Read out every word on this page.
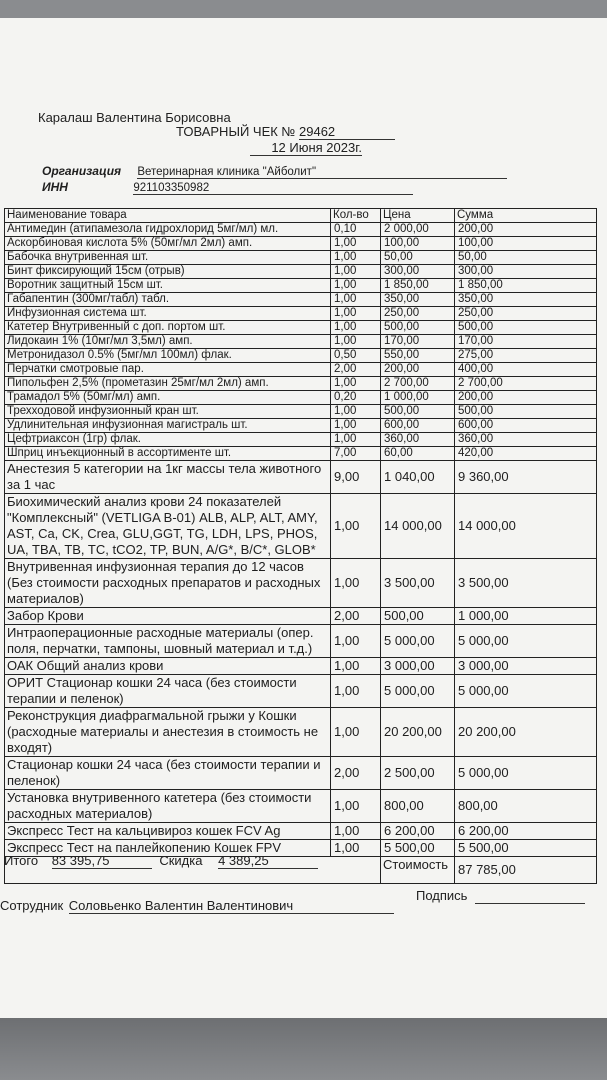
Каралаш Валентина Борисовна
ТОВАРНЫЙ ЧЕК № 29462
12 Июня 2023г.
Организация Ветеринарная клиника "Айболит"
ИНН	921103350982
Наименование товара	Кол-во	Цена	Сумма
Антимедин (атипамезола гидрохлорид 5мг/мл) мл.	0,10	2 000,00	200,00
Аскорбиновая кислота 5% (50мг/мл 2мл) амп.	1,00	100,00	100,00
Бабочка внутривенная шт.	1,00	50,00	50,00
Бинт фиксирующий 15см (отрыв)	1,00	300,00	300,00
Воротник защитный 15см шт.	1,00	1 850,00	1 850,00
Габапентин (300мг/табл) табл.	1,00	350,00	350,00
Инфузионная система шт.	1,00	250,00	250,00
Катетер Внутривенный с доп. портом шт.	1,00	500,00	500,00
Лидокаин 1% (10мг/мл 3,5мл) амп.	1,00	170,00	170,00
Метронидазол 0.5% (5мг/мл 100мл) флак.	0,50	550,00	275,00
Перчатки смотровые пар.	2,00	200,00	400,00
Пипольфен 2,5% (прометазин 25мг/мл 2мл) амп.	1,00	2 700,00	2 700,00
Трамадол 5% (50мг/мл) амп.	0,20	1 000,00	200,00
Трехходовой инфузионный кран шт.	1,00	500,00	500,00
Удлинительная инфузионная магистраль шт.	1,00	600,00	600,00
Цефтриаксон (1гр) флак.	1,00	360,00	360,00
Шприц инъекционный в ассортименте шт.	7,00	60,00	420,00
Анестезия 5 категории на 1кг массы тела животного за 1 час	9,00	1 040,00	9 360,00
Биохимический анализ крови 24 показателей "Комплексный" (VETLIGA B-01) ALB, ALP, ALT, AMY, AST, Ca, CK, Crea, GLU,GGT, TG, LDH, LPS, PHOS, UA, TBA, TB, TC, tCO2, TP, BUN, A/G*, B/C*, GLOB*	1,00	14 000,00	14 000,00
Внутривенная инфузионная терапия до 12 часов (Без стоимости расходных препаратов и расходных материалов)	1,00	3 500,00	3 500,00
Забор Крови	2,00	500,00	1 000,00
Интраоперационные расходные материалы (опер. поля, перчатки, тампоны, шовный материал и т.д.)	1,00	5 000,00	5 000,00
ОАК Общий анализ крови	1,00	3 000,00	3 000,00
ОРИТ Стационар кошки 24 часа (без стоимости терапии и пеленок)	1,00	5 000,00	5 000,00
Реконструкция диафрагмальной грыжи у Кошки (расходные материалы и анестезия в стоимость не входят)	1,00	20 200,00	20 200,00
Стационар кошки 24 часа (без стоимости терапии и пеленок)	2,00	2 500,00	5 000,00
Установка внутривенного катетера (без стоимости расходных материалов)	1,00	800,00	800,00
Экспресс Тест на кальцивироз кошек FCV Ag	1,00	6 200,00	6 200,00
Экспресс Тест на панлейкопению Кошек FPV	1,00	5 500,00	5 500,00
		Стоимость	87 785,00
Итого 83 395,75	Скидка 4 389,25
Сотрудник Соловьенко Валентин Валентинович
Подпись
